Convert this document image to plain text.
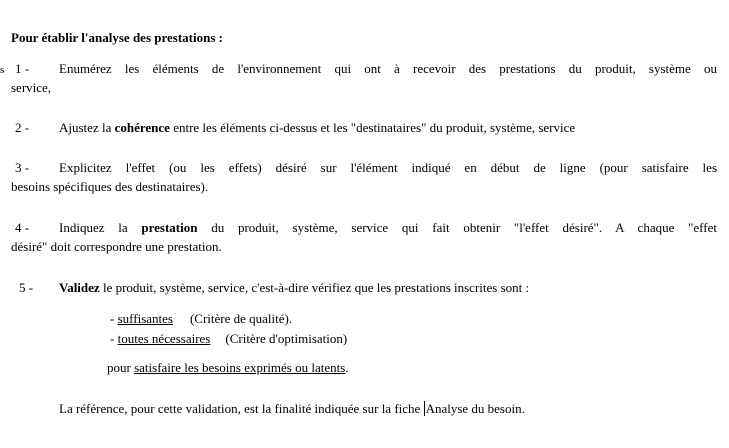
s
Pour établir l'analyse des prestations :
1 -	Enumérez les éléments de l'environnement qui ont à recevoir des prestations du produit, système ou
service,
2 -	Ajustez la cohérence entre les éléments ci-dessus et les "destinataires" du produit, système, service
3 -	Explicitez l'effet (ou les effets) désiré sur l'élément indiqué en début de ligne (pour satisfaire les
besoins spécifiques des destinataires).
4 -	Indiquez la prestation du produit, système, service qui fait obtenir "l'effet désiré". A chaque "effet
désiré" doit correspondre une prestation.
5 -	Validez le produit, système, service, c'est-à-dire vérifiez que les prestations inscrites sont :
- suffisantes (Critère de qualité).
- toutes nécessaires (Critère d'optimisation)
pour satisfaire les besoins exprimés ou latents.
La référence, pour cette validation, est la finalité indiquée sur la fiche Analyse du besoin.
